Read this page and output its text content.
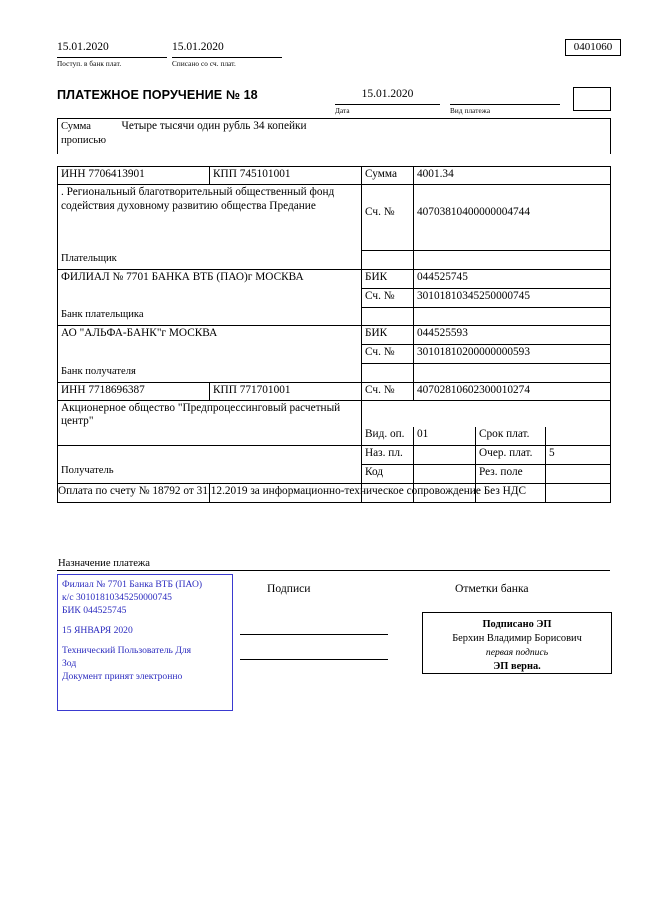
15.01.2020
Поступ. в банк плат.
15.01.2020
Списано со сч. плат.
0401060
ПЛАТЕЖНОЕ ПОРУЧЕНИЕ № 18	15.01.2020
Дата	Вид платежа
Сумма
прописью
	Четыре тысячи один рубль 34 копейки
ИНН 7706413901	КПП 745101001	Сумма	4001.34		
. Региональный благотворительный общественный фонд содействия духовному развитию общества Предание					
		Сч. №	40703810400000004744		

Плательщик					
ФИЛИАЛ № 7701 БАНКА ВТБ (ПАО)г МОСКВА		БИК	044525745		
		Сч. №	30101810345250000745		
Банк плательщика					
АО "АЛЬФА-БАНК"г МОСКВА		БИК	044525593		
		Сч. №	30101810200000000593		
Банк получателя					
ИНН 7718696387	КПП 771701001	Сч. №	40702810602300010274		
Акционерное общество "Предпроцессинговый расчетный центр"					
		Вид. оп.	01	Срок плат.	

Получатель		Наз. пл.		Очер. плат.	5
		Код		Рез. поле	

Оплата по счету № 18792 от 31.12.2019 за информационно-техническое сопровождение Без НДС
Назначение платежа
Филиал № 7701 Банка ВТБ (ПАО)
к/с 30101810345250000745
БИК 044525745
15 ЯНВАРЯ 2020
Технический Пользователь Для
Зод
Документ принят электронно
Подписи	Отметки банка
Подписано ЭП
Берхин Владимир Борисович
первая подпись
ЭП верна.
